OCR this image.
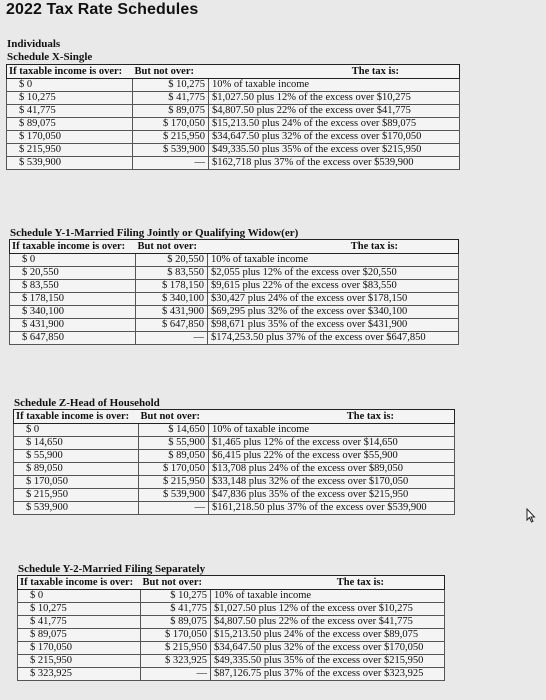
2022 Tax Rate Schedules
Individuals
Schedule X-Single
If taxable income is over:	But not over:	The tax is:
$ 0	$ 10,275	10% of taxable income
$ 10,275	$ 41,775	$1,027.50 plus 12% of the excess over $10,275
$ 41,775	$ 89,075	$4,807.50 plus 22% of the excess over $41,775
$ 89,075	$ 170,050	$15,213.50 plus 24% of the excess over $89,075
$ 170,050	$ 215,950	$34,647.50 plus 32% of the excess over $170,050
$ 215,950	$ 539,900	$49,335.50 plus 35% of the excess over $215,950
$ 539,900	—	$162,718 plus 37% of the excess over $539,900
Schedule Y-1-Married Filing Jointly or Qualifying Widow(er)
If taxable income is over:	But not over:	The tax is:
$ 0	$ 20,550	10% of taxable income
$ 20,550	$ 83,550	$2,055 plus 12% of the excess over $20,550
$ 83,550	$ 178,150	$9,615 plus 22% of the excess over $83,550
$ 178,150	$ 340,100	$30,427 plus 24% of the excess over $178,150
$ 340,100	$ 431,900	$69,295 plus 32% of the excess over $340,100
$ 431,900	$ 647,850	$98,671 plus 35% of the excess over $431,900
$ 647,850	—	$174,253.50 plus 37% of the excess over $647,850
Schedule Z-Head of Household
If taxable income is over:	But not over:	The tax is:
$ 0	$ 14,650	10% of taxable income
$ 14,650	$ 55,900	$1,465 plus 12% of the excess over $14,650
$ 55,900	$ 89,050	$6,415 plus 22% of the excess over $55,900
$ 89,050	$ 170,050	$13,708 plus 24% of the excess over $89,050
$ 170,050	$ 215,950	$33,148 plus 32% of the excess over $170,050
$ 215,950	$ 539,900	$47,836 plus 35% of the excess over $215,950
$ 539,900	—	$161,218.50 plus 37% of the excess over $539,900
Schedule Y-2-Married Filing Separately
If taxable income is over:	But not over:	The tax is:
$ 0	$ 10,275	10% of taxable income
$ 10,275	$ 41,775	$1,027.50 plus 12% of the excess over $10,275
$ 41,775	$ 89,075	$4,807.50 plus 22% of the excess over $41,775
$ 89,075	$ 170,050	$15,213.50 plus 24% of the excess over $89,075
$ 170,050	$ 215,950	$34,647.50 plus 32% of the excess over $170,050
$ 215,950	$ 323,925	$49,335.50 plus 35% of the excess over $215,950
$ 323,925	—	$87,126.75 plus 37% of the excess over $323,925
